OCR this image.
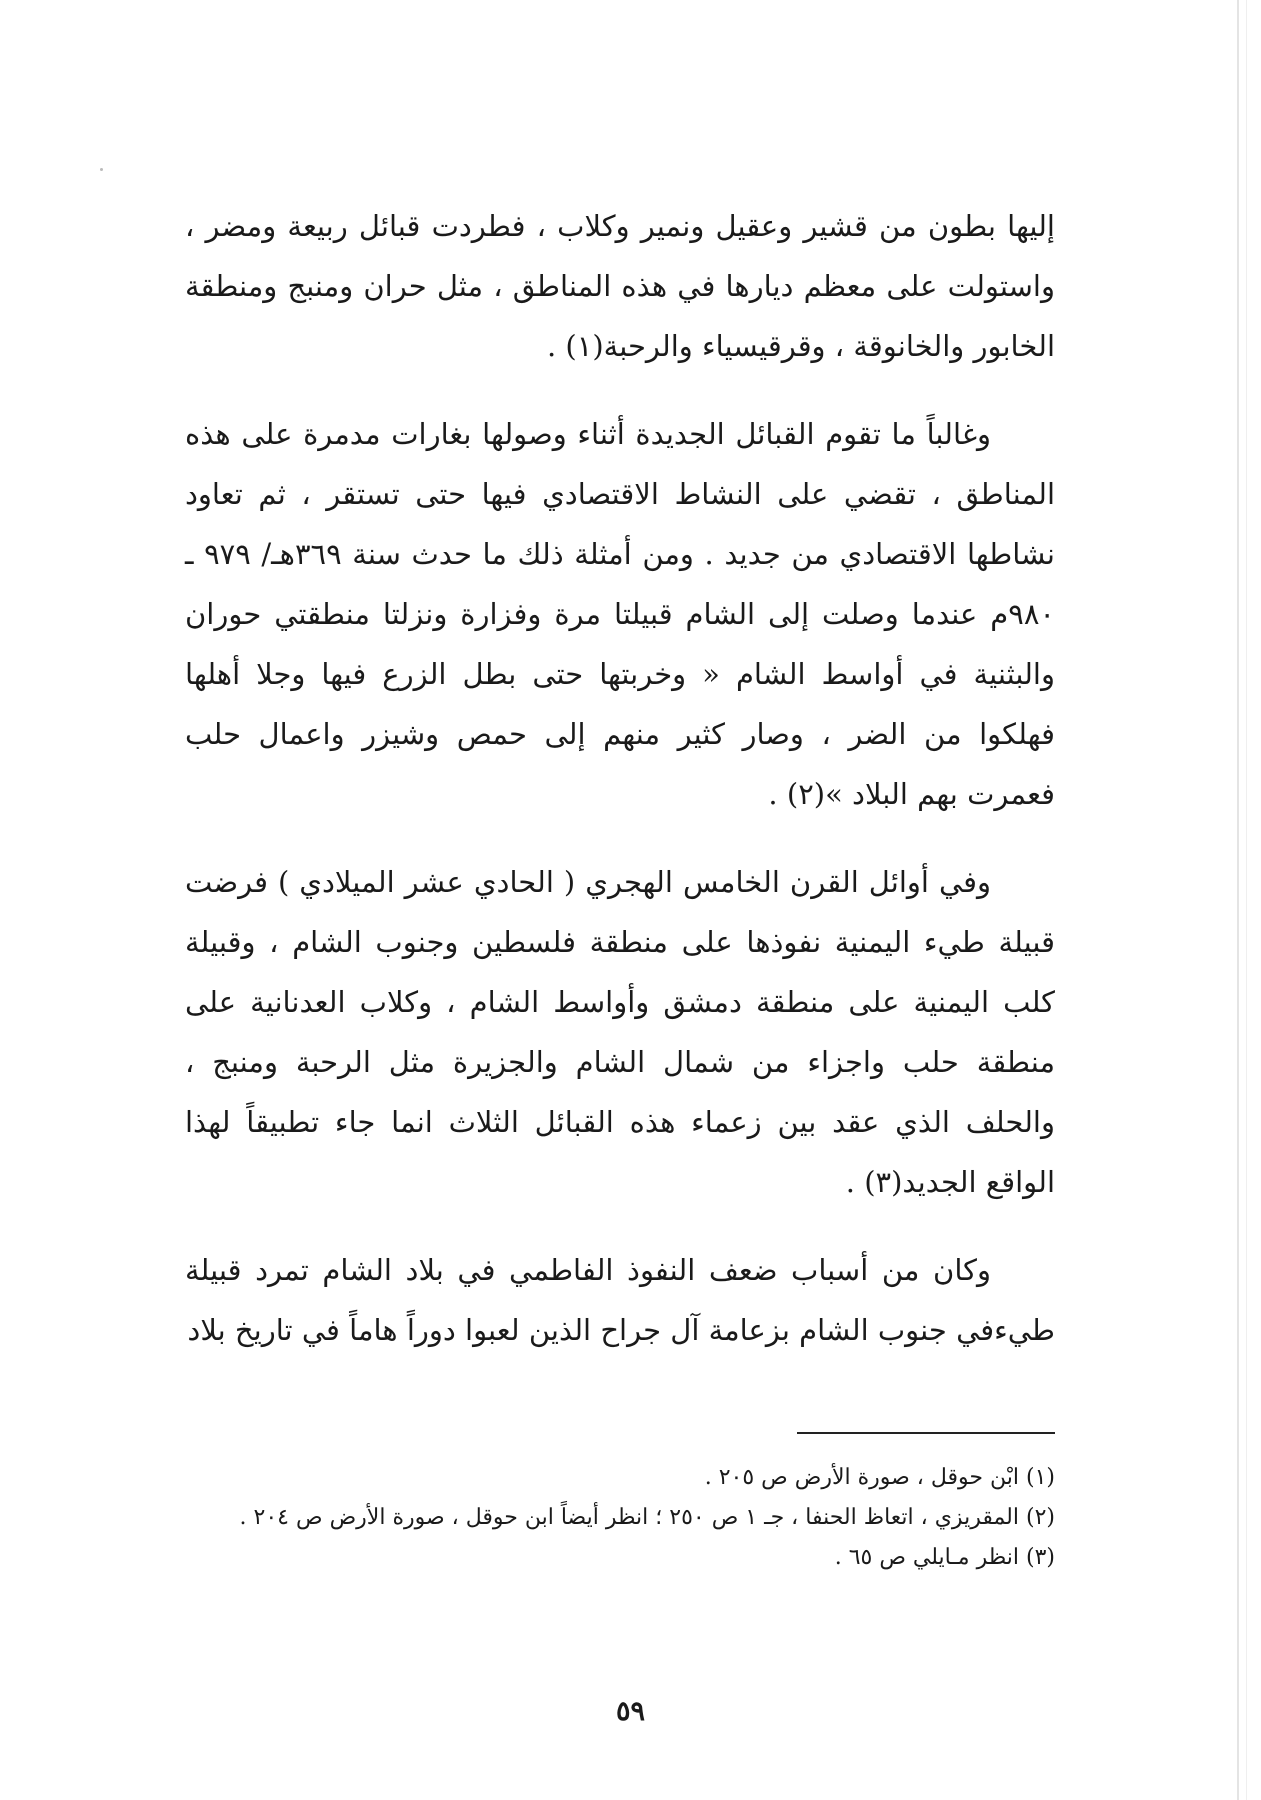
إليها بطون من قشير وعقيل ونمير وكلاب ، فطردت قبائل ربيعة ومضر ، واستولت على معظم ديارها في هذه المناطق ، مثل حران ومنبج ومنطقة الخابور والخانوقة ، وقرقيسياء والرحبة(١) .

وغالباً ما تقوم القبائل الجديدة أثناء وصولها بغارات مدمرة على هذه المناطق ، تقضي على النشاط الاقتصادي فيها حتى تستقر ، ثم تعاود نشاطها الاقتصادي من جديد . ومن أمثلة ذلك ما حدث سنة ٣٦٩هـ/ ٩٧٩ ـ ٩٨٠م عندما وصلت إلى الشام قبيلتا مرة وفزارة ونزلتا منطقتي حوران والبثنية في أواسط الشام « وخربتها حتى بطل الزرع فيها وجلا أهلها فهلكوا من الضر ، وصار كثير منهم إلى حمص وشيزر واعمال حلب فعمرت بهم البلاد »(٢) .

وفي أوائل القرن الخامس الهجري ( الحادي عشر الميلادي ) فرضت قبيلة طيء اليمنية نفوذها على منطقة فلسطين وجنوب الشام ، وقبيلة كلب اليمنية على منطقة دمشق وأواسط الشام ، وكلاب العدنانية على منطقة حلب واجزاء من شمال الشام والجزيرة مثل الرحبة ومنبج ، والحلف الذي عقد بين زعماء هذه القبائل الثلاث انما جاء تطبيقاً لهذا الواقع الجديد(٣) .

وكان من أسباب ضعف النفوذ الفاطمي في بلاد الشام تمرد قبيلة طيءفي جنوب الشام بزعامة آل جراح الذين لعبوا دوراً هاماً في تاريخ بلاد

(١) ابْن حوقل ، صورة الأرض ص ٢٠٥ .

(٢) المقريزي ، اتعاظ الحنفا ، جـ ١ ص ٢٥٠ ؛ انظر أيضاً ابن حوقل ، صورة الأرض ص ٢٠٤ .

(٣) انظر مـايلي ص ٦٥ .

٥٩
